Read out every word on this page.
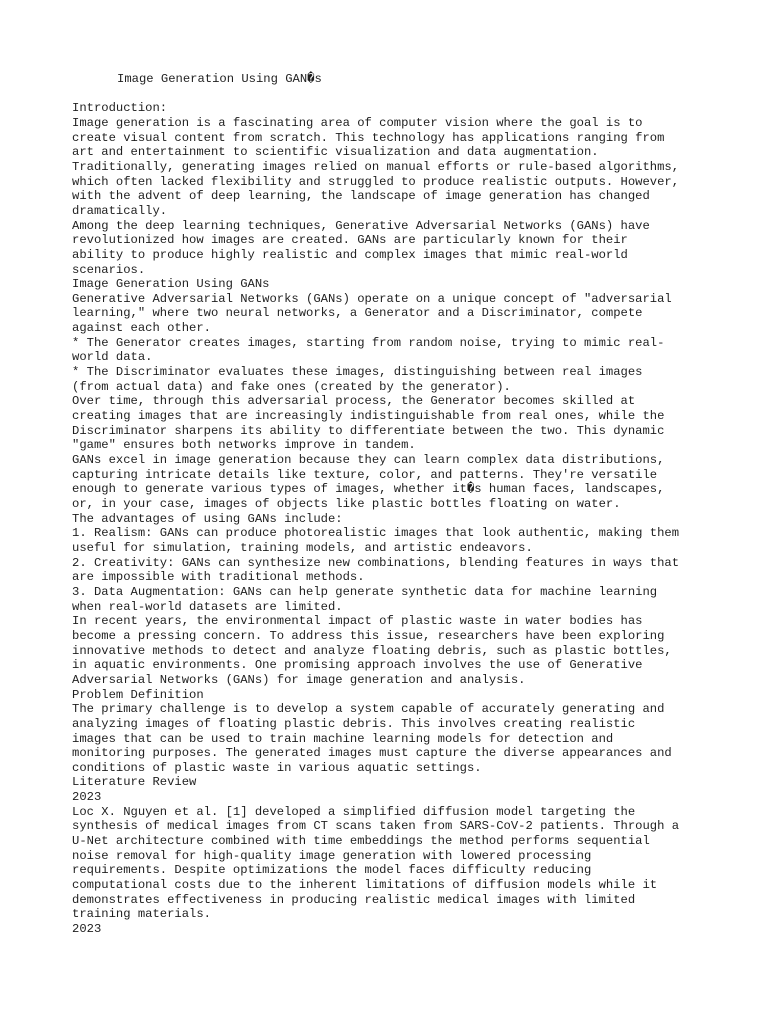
Image Generation Using GAN�s
Introduction:
Image generation is a fascinating area of computer vision where the goal is to
create visual content from scratch. This technology has applications ranging from
art and entertainment to scientific visualization and data augmentation.
Traditionally, generating images relied on manual efforts or rule-based algorithms,
which often lacked flexibility and struggled to produce realistic outputs. However,
with the advent of deep learning, the landscape of image generation has changed
dramatically.
Among the deep learning techniques, Generative Adversarial Networks (GANs) have
revolutionized how images are created. GANs are particularly known for their
ability to produce highly realistic and complex images that mimic real-world
scenarios.
Image Generation Using GANs
Generative Adversarial Networks (GANs) operate on a unique concept of "adversarial
learning," where two neural networks, a Generator and a Discriminator, compete
against each other.
* The Generator creates images, starting from random noise, trying to mimic real-
world data.
* The Discriminator evaluates these images, distinguishing between real images
(from actual data) and fake ones (created by the generator).
Over time, through this adversarial process, the Generator becomes skilled at
creating images that are increasingly indistinguishable from real ones, while the
Discriminator sharpens its ability to differentiate between the two. This dynamic
"game" ensures both networks improve in tandem.
GANs excel in image generation because they can learn complex data distributions,
capturing intricate details like texture, color, and patterns. They're versatile
enough to generate various types of images, whether it�s human faces, landscapes,
or, in your case, images of objects like plastic bottles floating on water.
The advantages of using GANs include:
1. Realism: GANs can produce photorealistic images that look authentic, making them
useful for simulation, training models, and artistic endeavors.
2. Creativity: GANs can synthesize new combinations, blending features in ways that
are impossible with traditional methods.
3. Data Augmentation: GANs can help generate synthetic data for machine learning
when real-world datasets are limited.
In recent years, the environmental impact of plastic waste in water bodies has
become a pressing concern. To address this issue, researchers have been exploring
innovative methods to detect and analyze floating debris, such as plastic bottles,
in aquatic environments. One promising approach involves the use of Generative
Adversarial Networks (GANs) for image generation and analysis.
Problem Definition
The primary challenge is to develop a system capable of accurately generating and
analyzing images of floating plastic debris. This involves creating realistic
images that can be used to train machine learning models for detection and
monitoring purposes. The generated images must capture the diverse appearances and
conditions of plastic waste in various aquatic settings.
Literature Review
2023
Loc X. Nguyen et al. [1] developed a simplified diffusion model targeting the
synthesis of medical images from CT scans taken from SARS-CoV-2 patients. Through a
U-Net architecture combined with time embeddings the method performs sequential
noise removal for high-quality image generation with lowered processing
requirements. Despite optimizations the model faces difficulty reducing
computational costs due to the inherent limitations of diffusion models while it
demonstrates effectiveness in producing realistic medical images with limited
training materials.
2023
